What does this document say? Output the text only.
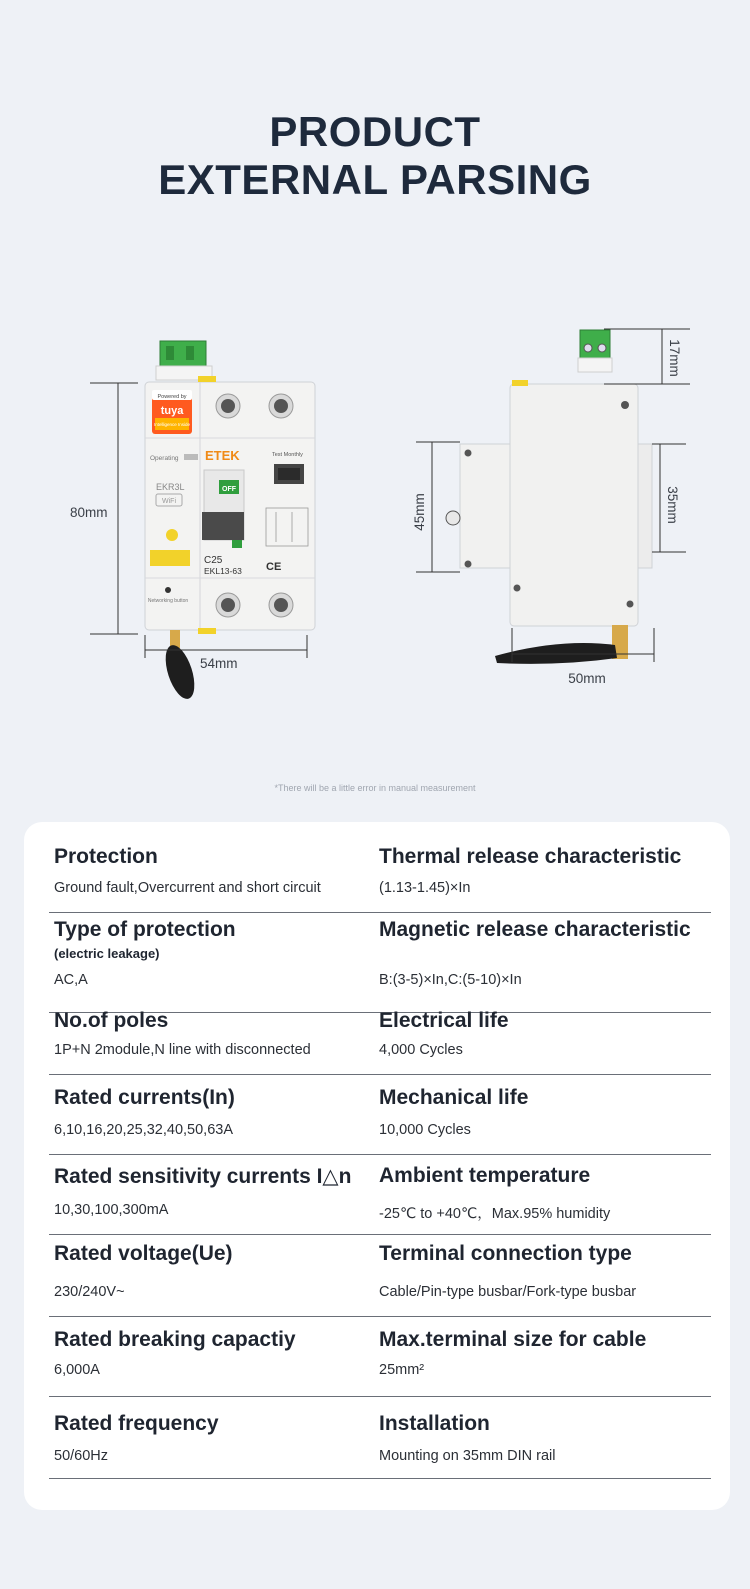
PRODUCT
EXTERNAL PARSING
Powered by
tuya
Intelligence Inside
Operating ETEK	Test Monthly
EKR3L
WiFi
OFF
Networking button
C25
EKL13-63 CE
80mm
54mm
17mm
35mm
45mm
50mm
*There will be a little error in manual measurement
Protection
Ground fault,Overcurrent and short circuit
Thermal release characteristic
(1.13-1.45)×In
Type of protection
(electric leakage)
AC,A
Magnetic release characteristic
B:(3-5)×In,C:(5-10)×In
No.of poles
1P+N 2module,N line with disconnected
Electrical life
4,000 Cycles
Rated currents(In)
6,10,16,20,25,32,40,50,63A
Mechanical life
10,000 Cycles
Rated sensitivity currents I△n
10,30,100,300mA
Ambient temperature
-25℃ to +40℃，Max.95% humidity
Rated voltage(Ue)
230/240V~
Terminal connection type
Cable/Pin-type busbar/Fork-type busbar
Rated breaking capactiy
6,000A
Max.terminal size for cable
25mm²
Rated frequency
50/60Hz
Installation
Mounting on 35mm DIN rail
